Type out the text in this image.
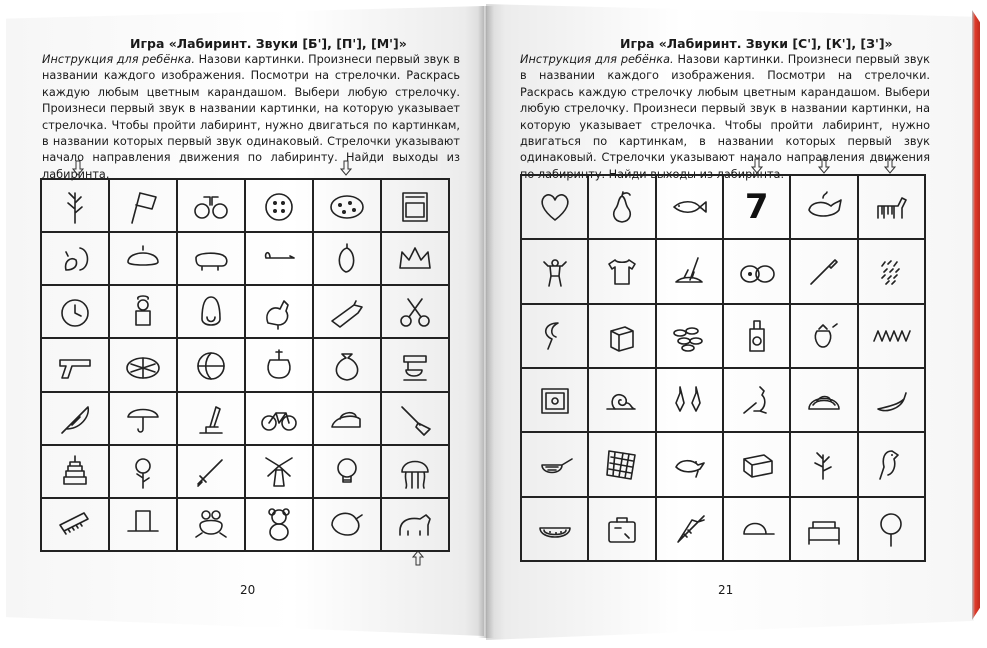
Игра «Лабиринт. Звуки [Б'], [П'], [М']»
Инструкция для ребёнка. Назови картинки. Произнеси первый звук в названии каждого изображения. Посмотри на стрелочки. Раскрась каждую любым цветным карандашом. Выбери любую стрелочку. Произнеси первый звук в названии картинки, на которую указывает стрелочка. Чтобы пройти лабиринт, нужно двигаться по картинкам, в названии которых первый звук одинаковый. Стрелочки указывают начало направления движения по лабиринту. Найди выходы из лабиринта.
20
Игра «Лабиринт. Звуки [С'], [К'], [З']»
Инструкция для ребёнка. Назови картинки. Произнеси первый звук в названии каждого изображения. Посмотри на стрелочки. Раскрась каждую стрелочку любым цветным карандашом. Выбери любую стрелочку. Произнеси первый звук в названии картинки, на которую указывает стрелочка. Чтобы пройти лабиринт, нужно двигаться по картинкам, в названии которых первый звук одинаковый. Стрелочки указывают начало направления движения по лабиринту. Найди выходы из лабиринта.
7
21
